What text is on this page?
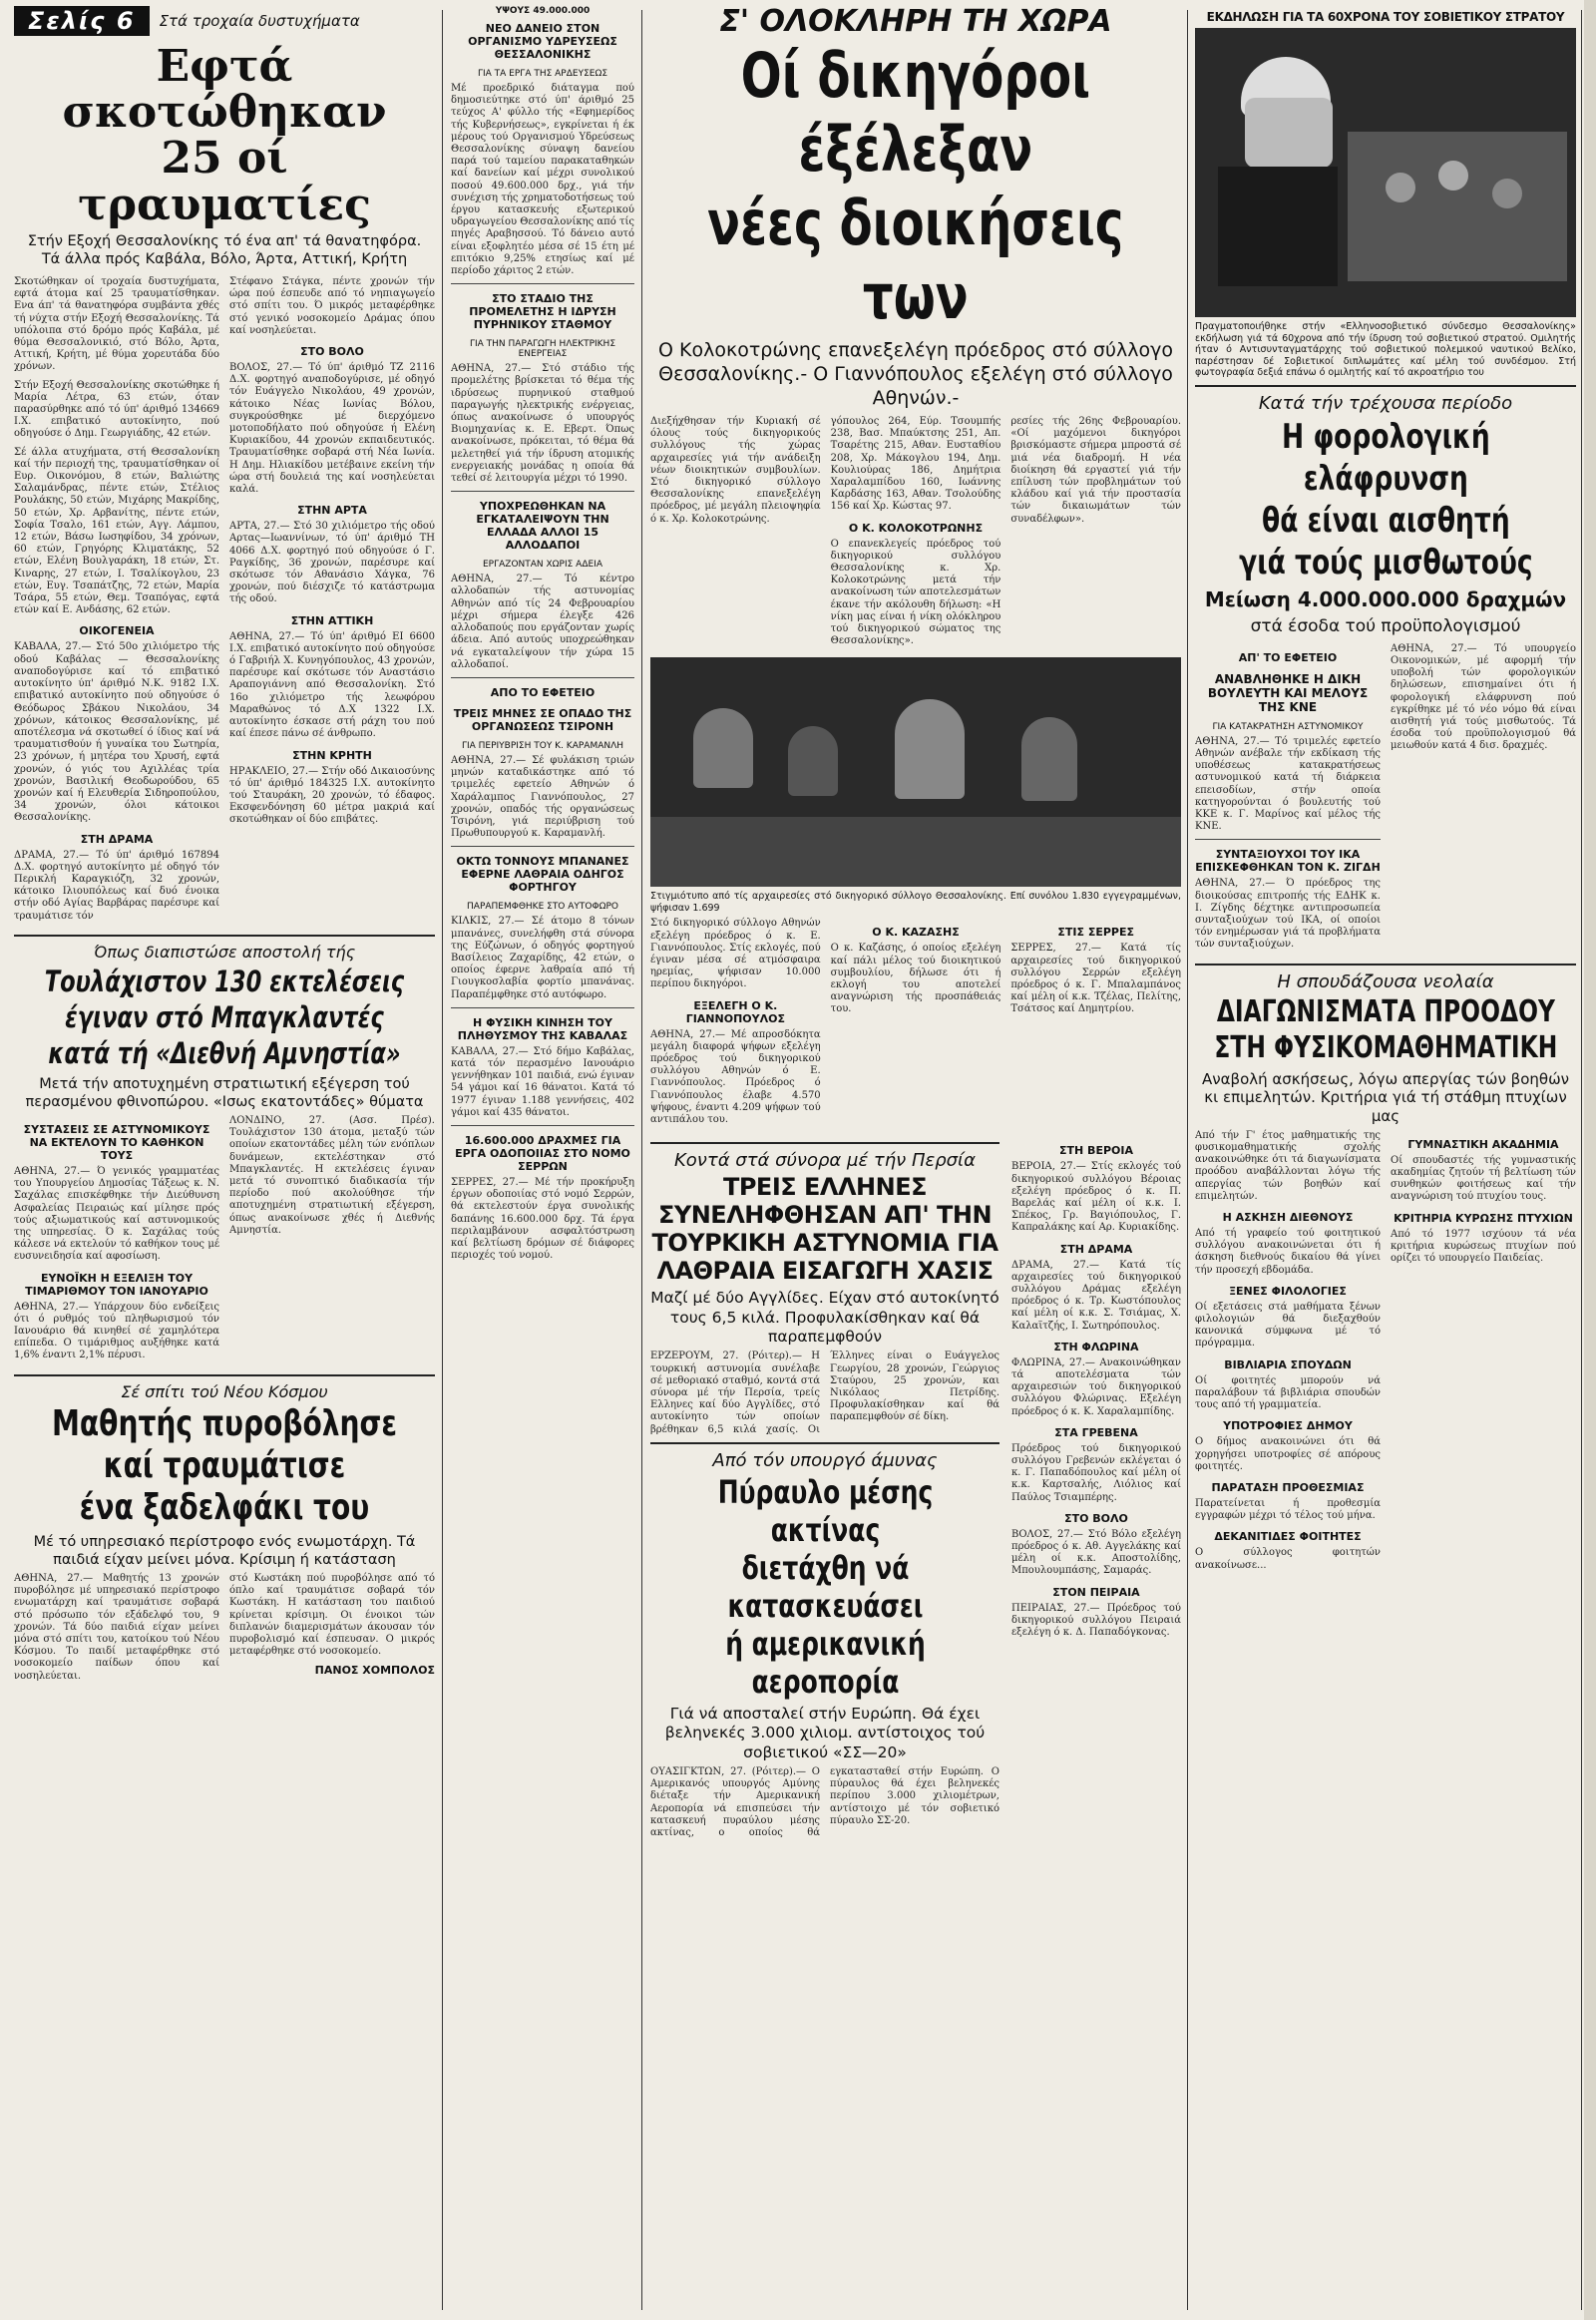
Σελίς 6	Στά τροχαία δυστυχήματα
Εφτά σκοτώθηκαν
25 οί τραυματίες
Στήν Εξοχή Θεσσαλονίκης τό ένα απ' τά θανατηφόρα. Τά άλλα πρός Καβάλα, Βόλο, Άρτα, Αττική, Κρήτη

Σκοτώθηκαν οί τροχαία δυστυχήματα, εφτά άτομα καί 25 τραυματίσθηκαν. Ενα άπ' τά θανατηφόρα συμβάντα χθές τή νύχτα στήν Εξοχή Θεσσαλονίκης. Τά υπόλοιπα στό δρόμο πρός Καβάλα, μέ θύμα Θεσσαλονικιό, στό Βόλο, Άρτα, Αττική, Κρήτη, μέ θύμα χορευτάδα δύο χρόνων.

Στήν Εξοχή Θεσσαλονίκης σκοτώθηκε ή Μαρία Λέτρα, 63 ετών, όταν παρασύρθηκε από τό ύπ' άριθμό 134669 Ι.Χ. επιβατικό αυτοκίνητο, πού οδηγούσε ό Δημ. Γεωργιάδης, 42 ετών.

Σέ άλλα ατυχήματα, στή Θεσσαλονίκη καί τήν περιοχή της, τραυματίσθηκαν οί Ευρ. Οικονόμου, 8 ετών, Βαλιώτης Σαλαμάνδρας, πέντε ετών, Στέλιος Ρουλάκης, 50 ετών, Μιχάρης Μακρίδης, 50 ετών, Χρ. Αρβανίτης, πέντε ετών, Σοφία Τσαλο, 161 ετών, Αγγ. Λάμπου, 12 ετών, Βάσω Ιωσηφίδου, 34 χρόνων, 60 ετών, Γρηγόρης Κλιματάκης, 52 ετών, Ελένη Βουλγαράκη, 18 ετών, Στ. Κιναρης, 27 ετών, Ι. Τσαλίκογλου, 23 ετών, Ευγ. Τσαπάτζης, 72 ετών, Μαρία Τσάρα, 55 ετών, Θεμ. Τσαπόγας, εφτά ετών καί Ε. Ανδάσης, 62 ετών.

ΟΙΚΟΓΕΝΕΙΑ

ΚΑΒΑΛΑ, 27.— Στό 50ο χιλιόμετρο τής οδού Καβάλας — Θεσσαλονίκης αναποδογύρισε καί τό επιβατικό αυτοκίνητο ύπ' άριθμό Ν.Κ. 9182 Ι.Χ. επιβατικό αυτοκίνητο πού οδηγούσε ό Θεόδωρος Σβάκου Νικολάου, 34 χρόνων, κάτοικος Θεσσαλονίκης, μέ αποτέλεσμα νά σκοτωθεί ό ίδιος καί νά τραυματισθούν ή γυναίκα του Σωτηρία, 23 χρόνων, ή μητέρα του Χρυσή, εφτά χρονών, ό γιός του Αχιλλέας τρία χρονών, Βασιλική Θεοδωρούδου, 65 χρονών καί ή Ελευθερία Σιδηροπούλου, 34 χρονών, όλοι κάτοικοι Θεσσαλονίκης.

ΣΤΗ ΔΡΑΜΑ

ΔΡΑΜΑ, 27.— Τό ύπ' άριθμό 167894 Δ.Χ. φορτηγό αυτοκίνητο μέ οδηγό τόν Περικλή Καραγκιόζη, 32 χρονών, κάτοικο Ιλιουπόλεως καί δυό ένοικα στήν οδό Αγίας Βαρβάρας παρέσυρε καί τραυμάτισε τόν

Στέφανο Στάγκα, πέντε χρονών τήν ώρα πού έσπευδε από τό νηπιαγωγείο στό σπίτι του. Ό μικρός μεταφέρθηκε στό γενικό νοσοκομείο Δράμας όπου καί νοσηλεύεται.

ΣΤΟ ΒΟΛΟ

ΒΟΛΟΣ, 27.— Τό ύπ' άριθμό ΤΖ 2116 Δ.Χ. φορτηγό αναποδογύρισε, μέ οδηγό τόν Ευάγγελο Νικολάου, 49 χρονών, κάτοικο Νέας Ιωνίας Βόλου, συγκρούσθηκε μέ διερχόμενο μοτοποδήλατο πού οδηγούσε ή Ελένη Κυριακίδου, 44 χρονών εκπαιδευτικός. Τραυματίσθηκε σοβαρά στή Νέα Ιωνία. Η Δημ. Ηλιακίδου μετέβαινε εκείνη τήν ώρα στή δουλειά της καί νοσηλεύεται καλά.

ΣΤΗΝ ΑΡΤΑ

ΑΡΤΑ, 27.— Στό 30 χιλιόμετρο τής οδού Αρτας—Ιωαννίνων, τό ύπ' άριθμό ΤΗ 4066 Δ.Χ. φορτηγό πού οδηγούσε ό Γ. Ραγκίδης, 36 χρονών, παρέσυρε καί σκότωσε τόν Αθανάσιο Χάγκα, 76 χρονών, πού διέσχιζε τό κατάστρωμα τής οδού.

ΣΤΗΝ ΑΤΤΙΚΗ

ΑΘΗΝΑ, 27.— Τό ύπ' άριθμό ΕΙ 6600 Ι.Χ. επιβατικό αυτοκίνητο πού οδηγούσε ό Γαβριήλ Χ. Κυνηγόπουλος, 43 χρονών, παρέσυρε καί σκότωσε τόν Αναστάσιο Αραπογιάννη από Θεσσαλονίκη. Στό 16ο χιλιόμετρο τής λεωφόρου Μαραθώνος τό Δ.Χ 1322 Ι.Χ. αυτοκίνητο έσκασε στή ράχη του πού καί έπεσε πάνω σέ άνθρωπο.

ΣΤΗΝ ΚΡΗΤΗ

ΗΡΑΚΛΕΙΟ, 27.— Στήν οδό Δικαιοσύνης τό ύπ' άριθμό 184325 Ι.Χ. αυτοκίνητο τού Σταυράκη, 20 χρονών, τό έδαφος. Εκσφενδόνηση 60 μέτρα μακριά καί σκοτώθηκαν οί δύο επιβάτες.

Όπως διαπιστώσε αποστολή τής
Τουλάχιστον 130 εκτελέσεις
έγιναν στό Μπαγκλαντές
κατά τή «Διεθνή Αμνηστία»
Μετά τήν αποτυχημένη στρατιωτική εξέγερση τού περασμένου φθινοπώρου. «Ισως εκατοντάδες» θύματα
ΣΥΣΤΑΣΕΙΣ ΣΕ ΑΣΤΥΝΟΜΙΚΟΥΣ ΝΑ ΕΚΤΕΛΟΥΝ ΤΟ ΚΑΘΗΚΟΝ ΤΟΥΣ

ΑΘΗΝΑ, 27.— Ό γενικός γραμματέας του Υπουργείου Δημοσίας Τάξεως κ. Ν. Σαχάλας επισκέφθηκε τήν Διεύθυνση Ασφαλείας Πειραιώς καί μίλησε πρός τούς αξιωματικούς καί αστυνομικούς της υπηρεσίας. Ό κ. Σαχάλας τούς κάλεσε νά εκτελούν τό καθήκον τους μέ ευσυνειδησία καί αφοσίωση.

ΕΥΝΟΪΚΗ Η ΕΞΕΛΙΞΗ ΤΟΥ ΤΙΜΑΡΙΘΜΟΥ ΤΟΝ ΙΑΝΟΥΑΡΙΟ

ΑΘΗΝΑ, 27.— Υπάρχουν δύο ενδείξεις ότι ό ρυθμός τού πληθωρισμού τόν Ιανουάριο θά κινηθεί σέ χαμηλότερα επίπεδα. Ο τιμάριθμος αυξήθηκε κατά 1,6% έναντι 2,1% πέρυσι.

ΛΟΝΔΙΝΟ, 27. (Ασσ. Πρέσ). Τουλάχιστον 130 άτομα, μεταξύ τών οποίων εκατοντάδες μέλη τών ενόπλων δυνάμεων, εκτελέστηκαν στό Μπαγκλαντές. Η εκτελέσεις έγιναν μετά τό συνοπτικό διαδικασία τήν περίοδο πού ακολούθησε τήν αποτυχημένη στρατιωτική εξέγερση, όπως ανακοίνωσε χθές ή Διεθνής Αμνηστία.

Σέ σπίτι τού Νέου Κόσμου
Μαθητής πυροβόλησε
καί τραυμάτισε
ένα ξαδελφάκι του
Μέ τό υπηρεσιακό περίστροφο ενός ενωμοτάρχη. Τά παιδιά είχαν μείνει μόνα. Κρίσιμη ή κατάσταση

ΑΘΗΝΑ, 27.— Μαθητής 13 χρονών πυροβόλησε μέ υπηρεσιακό περίστροφο ενωματάρχη καί τραυμάτισε σοβαρά στό πρόσωπο τόν εξάδελφό του, 9 χρονών. Τά δύο παιδιά είχαν μείνει μόνα στό σπίτι του, κατοίκου τού Νέου Κόσμου. Το παιδί μεταφέρθηκε στό νοσοκομείο παίδων όπου καί νοσηλεύεται.

στό Κωστάκη πού πυροβόλησε από τό όπλο καί τραυμάτισε σοβαρά τόν Κωστάκη. Η κατάσταση του παιδιού κρίνεται κρίσιμη. Οι ένοικοι τών διπλανών διαμερισμάτων άκουσαν τόν πυροβολισμό καί έσπευσαν. Ο μικρός μεταφέρθηκε στό νοσοκομείο.

ΠΑΝΟΣ ΧΟΜΠΟΛΟΣ
ΥΨΟΥΣ 49.000.000
ΝΕΟ ΔΑΝΕΙΟ ΣΤΟΝ ΟΡΓΑΝΙΣΜΟ ΥΔΡΕΥΣΕΩΣ ΘΕΣΣΑΛΟΝΙΚΗΣ
ΓΙΑ ΤΑ ΕΡΓΑ ΤΗΣ ΑΡΔΕΥΣΕΩΣ

Μέ προεδρικό διάταγμα πού δημοσιεύτηκε στό ύπ' άριθμό 25 τεύχος Α' φύλλο τής «Εφημερίδος τής Κυβερνήσεως», εγκρίνεται ή έκ μέρους τού Οργανισμού Υδρεύσεως Θεσσαλονίκης σύναψη δανείου παρά τού ταμείου παρακαταθηκών καί δανείων καί μέχρι συνολικού ποσού 49.600.000 δρχ., γιά τήν συνέχιση τής χρηματοδοτήσεως τού έργου κατασκευής εξωτερικού υδραγωγείου Θεσσαλονίκης από τίς πηγές Αραβησσού. Τό δάνειο αυτό είναι εξοφλητέο μέσα σέ 15 έτη μέ επιτόκιο 9,25% ετησίως καί μέ περίοδο χάριτος 2 ετών.

ΣΤΟ ΣΤΑΔΙΟ ΤΗΣ ΠΡΟΜΕΛΕΤΗΣ Η ΙΔΡΥΣΗ ΠΥΡΗΝΙΚΟΥ ΣΤΑΘΜΟΥ
ΓΙΑ ΤΗΝ ΠΑΡΑΓΩΓΗ ΗΛΕΚΤΡΙΚΗΣ ΕΝΕΡΓΕΙΑΣ

ΑΘΗΝΑ, 27.— Στό στάδιο τής προμελέτης βρίσκεται τό θέμα τής ιδρύσεως πυρηνικού σταθμού παραγωγής ηλεκτρικής ενέργειας, όπως ανακοίνωσε ό υπουργός Βιομηχανίας κ. Ε. Εβερτ. Όπως ανακοίνωσε, πρόκειται, τό θέμα θά μελετηθεί γιά τήν ίδρυση ατομικής ενεργειακής μονάδας η οποία θά τεθεί σέ λειτουργία μέχρι τό 1990.

ΥΠΟΧΡΕΩΘΗΚΑΝ ΝΑ ΕΓΚΑΤΑΛΕΙΨΟΥΝ ΤΗΝ ΕΛΛΑΔΑ ΑΛΛΟΙ 15 ΑΛΛΟΔΑΠΟΙ
ΕΡΓΑΖΟΝΤΑΝ ΧΩΡΙΣ ΑΔΕΙΑ

ΑΘΗΝΑ, 27.— Τό κέντρο αλλοδαπών τής αστυνομίας Αθηνών από τίς 24 Φεβρουαρίου μέχρι σήμερα έλεγξε 426 αλλοδαπούς που εργάζονταν χωρίς άδεια. Από αυτούς υποχρεώθηκαν νά εγκαταλείψουν τήν χώρα 15 αλλοδαποί.

ΑΠΟ ΤΟ ΕΦΕΤΕΙΟ
ΤΡΕΙΣ ΜΗΝΕΣ ΣΕ ΟΠΑΔΟ ΤΗΣ ΟΡΓΑΝΩΣΕΩΣ ΤΣΙΡΟΝΗ
ΓΙΑ ΠΕΡΙΥΒΡΙΣΗ ΤΟΥ Κ. ΚΑΡΑΜΑΝΛΗ

ΑΘΗΝΑ, 27.— Σέ φυλάκιση τριών μηνών καταδικάστηκε από τό τριμελές εφετείο Αθηνών ό Χαράλαμπος Γιαννόπουλος, 27 χρονών, οπαδός τής οργανώσεως Τσιρόνη, γιά περιύβριση τού Πρωθυπουργού κ. Καραμανλή.

ΟΚΤΩ ΤΟΝΝΟΥΣ ΜΠΑΝΑΝΕΣ ΕΦΕΡΝΕ ΛΑΘΡΑΙΑ ΟΔΗΓΟΣ ΦΟΡΤΗΓΟΥ
ΠΑΡΑΠΕΜΦΘΗΚΕ ΣΤΟ ΑΥΤΟΦΩΡΟ

ΚΙΛΚΙΣ, 27.— Σέ άτομο 8 τόνων μπανάνες, συνελήφθη στά σύνορα της Εύζώνων, ό οδηγός φορτηγού Βασίλειος Ζαχαρίδης, 42 ετών, ο οποίος έφερνε λαθραία από τή Γιουγκοσλαβία φορτίο μπανάνας. Παραπέμφθηκε στό αυτόφωρο.

Η ΦΥΣΙΚΗ ΚΙΝΗΣΗ ΤΟΥ ΠΛΗΘΥΣΜΟΥ ΤΗΣ ΚΑΒΑΛΑΣ

ΚΑΒΑΛΑ, 27.— Στό δήμο Καβάλας, κατά τόν περασμένο Ιανουάριο γεννήθηκαν 101 παιδιά, ενώ έγιναν 54 γάμοι καί 16 θάνατοι. Κατά τό 1977 έγιναν 1.188 γεννήσεις, 402 γάμοι καί 435 θάνατοι.

16.600.000 ΔΡΑΧΜΕΣ ΓΙΑ ΕΡΓΑ ΟΔΟΠΟΙΙΑΣ ΣΤΟ ΝΟΜΟ ΣΕΡΡΩΝ

ΣΕΡΡΕΣ, 27.— Μέ τήν προκήρυξη έργων οδοποιίας στό νομό Σερρών, θά εκτελεστούν έργα συνολικής δαπάνης 16.600.000 δρχ. Τά έργα περιλαμβάνουν ασφαλτόστρωση καί βελτίωση δρόμων σέ διάφορες περιοχές τού νομού.

Σ' ΟΛΟΚΛΗΡΗ ΤΗ ΧΩΡΑ
Οί δικηγόροι έξέλεξαν
νέες διοικήσεις των
Ο Κολοκοτρώνης επανεξελέγη πρόεδρος στό σύλλογο Θεσσαλονίκης.- Ο Γιαννόπουλος εξελέγη στό σύλλογο Αθηνών.-

Διεξήχθησαν τήν Κυριακή σέ όλους τούς δικηγορικούς συλλόγους τής χώρας αρχαιρεσίες γιά τήν ανάδειξη νέων διοικητικών συμβουλίων. Στό δικηγορικό σύλλογο Θεσσαλονίκης επανεξελέγη πρόεδρος, μέ μεγάλη πλειοψηφία ό κ. Χρ. Κολοκοτρώνης.

γόπουλος 264, Εύρ. Τσουμπής 238, Βασ. Μπαύκτσης 251, Απ. Τσαρέτης 215, Αθαν. Ευσταθίου 208, Χρ. Μάκογλου 194, Δημ. Κουλιούρας 186, Δημήτρια Χαραλαμπίδου 160, Ιωάννης Καρδάσης 163, Αθαν. Τσολούδης 156 καί Χρ. Κώστας 97.

Ο Κ. ΚΟΛΟΚΟΤΡΩΝΗΣ

Ο επανεκλεγείς πρόεδρος τού δικηγορικού συλλόγου Θεσσαλονίκης κ. Χρ. Κολοκοτρώνης μετά τήν ανακοίνωση τών αποτελεσμάτων έκανε τήν ακόλουθη δήλωση: «Η νίκη μας είναι ή νίκη ολόκληρου τού δικηγορικού σώματος της Θεσσαλονίκης».

ρεσίες τής 26ης Φεβρουαρίου. «Οί μαχόμενοι δικηγόροι βρισκόμαστε σήμερα μπροστά σέ μιά νέα διαδρομή. Η νέα διοίκηση θά εργαστεί γιά τήν επίλυση τών προβλημάτων τού κλάδου καί γιά τήν προστασία τών δικαιωμάτων τών συναδέλφων».

Στιγμιότυπο από τίς αρχαιρεσίες στό δικηγορικό σύλλογο Θεσσαλονίκης. Επί συνόλου 1.830 εγγεγραμμένων, ψήφισαν 1.699

Στό δικηγορικό σύλλογο Αθηνών εξελέγη πρόεδρος ό κ. Ε. Γιαννόπουλος. Στίς εκλογές, πού έγιναν μέσα σέ ατμόσφαιρα ηρεμίας, ψήφισαν 10.000 περίπου δικηγόροι.

ΕΞΕΛΕΓΗ Ο Κ. ΓΙΑΝΝΟΠΟΥΛΟΣ

ΑΘΗΝΑ, 27.— Μέ απροσδόκητα μεγάλη διαφορά ψήφων εξελέγη πρόεδρος τού δικηγορικού συλλόγου Αθηνών ό Ε. Γιαννόπουλος. Πρόεδρος ό Γιαννόπουλος έλαβε 4.570 ψήφους, έναντι 4.209 ψήφων τού αντιπάλου του.

Ο Κ. ΚΑΖΑΣΗΣ

Ο κ. Καζάσης, ό οποίος εξελέγη καί πάλι μέλος τού διοικητικού συμβουλίου, δήλωσε ότι ή εκλογή του αποτελεί αναγνώριση τής προσπάθειάς του.

ΣΤΙΣ ΣΕΡΡΕΣ

ΣΕΡΡΕΣ, 27.— Κατά τίς αρχαιρεσίες τού δικηγορικού συλλόγου Σερρών εξελέγη πρόεδρος ό κ. Γ. Μπαλαμπάνος καί μέλη οί κ.κ. Τζέλας, Πελίτης, Τσάτσος καί Δημητρίου.

Κοντά στά σύνορα μέ τήν Περσία
ΤΡΕΙΣ ΕΛΛΗΝΕΣ ΣΥΝΕΛΗΦΘΗΣΑΝ ΑΠ' ΤΗΝ ΤΟΥΡΚΙΚΗ ΑΣΤΥΝΟΜΙΑ ΓΙΑ ΛΑΘΡΑΙΑ ΕΙΣΑΓΩΓΗ ΧΑΣΙΣ
Μαζί μέ δύο Αγγλίδες. Είχαν στό αυτοκίνητό τους 6,5 κιλά. Προφυλακίσθηκαν καί θά παραπεμφθούν

ΕΡΖΕΡΟΥΜ, 27. (Ρόιτερ).— Η τουρκική αστυνομία συνέλαβε σέ μεθοριακό σταθμό, κοντά στά σύνορα μέ τήν Περσία, τρείς Ελληνες καί δύο Αγγλίδες, στό αυτοκίνητο τών οποίων βρέθηκαν 6,5 κιλά χασίς. Οι Έλληνες είναι ο Ευάγγελος Γεωργίου, 28 χρονών, Γεώργιος Σταύρου, 25 χρονών, και Νικόλαος Πετρίδης. Προφυλακίσθηκαν καί θά παραπεμφθούν σέ δίκη.

Από τόν υπουργό άμυνας
Πύραυλο μέσης ακτίνας
διετάχθη νά κατασκευάσει
ή αμερικανική αεροπορία
Γιά νά αποσταλεί στήν Ευρώπη. Θά έχει βεληνεκές 3.000 χιλιομ. αντίστοιχος τού σοβιετικού «ΣΣ—20»

ΟΥΑΣΙΓΚΤΩΝ, 27. (Ρόιτερ).— Ο Αμερικανός υπουργός Αμύνης διέταξε τήν Αμερικανική Αεροπορία νά επισπεύσει τήν κατασκευή πυραύλου μέσης ακτίνας, ο οποίος θά εγκατασταθεί στήν Ευρώπη. Ο πύραυλος θά έχει βεληνεκές περίπου 3.000 χιλιομέτρων, αντίστοιχο μέ τόν σοβιετικό πύραυλο ΣΣ-20.

ΣΤΗ ΒΕΡΟΙΑ

ΒΕΡΟΙΑ, 27.— Στίς εκλογές τού δικηγορικού συλλόγου Βέροιας εξελέγη πρόεδρος ό κ. Π. Βαρελάς καί μέλη οί κ.κ. Ι. Σπέκος, Γρ. Βαγιόπουλος, Γ. Καπραλάκης καί Αρ. Κυριακίδης.

ΣΤΗ ΔΡΑΜΑ

ΔΡΑΜΑ, 27.— Κατά τίς αρχαιρεσίες τού δικηγορικού συλλόγου Δράμας εξελέγη πρόεδρος ό κ. Τρ. Κωστόπουλος καί μέλη οί κ.κ. Σ. Τσιάμας, Χ. Καλαϊτζής, Ι. Σωτηρόπουλος.

ΣΤΗ ΦΛΩΡΙΝΑ

ΦΛΩΡΙΝΑ, 27.— Ανακοινώθηκαν τά αποτελέσματα τών αρχαιρεσιών τού δικηγορικού συλλόγου Φλώρινας. Εξελέγη πρόεδρος ό κ. Κ. Χαραλαμπίδης.

ΣΤΑ ΓΡΕΒΕΝΑ

Πρόεδρος τού δικηγορικού συλλόγου Γρεβενών εκλέγεται ό κ. Γ. Παπαδόπουλος καί μέλη οί κ.κ. Καρτσαλής, Λιόλιος καί Παύλος Τσιαμπέρης.

ΣΤΟ ΒΟΛΟ

ΒΟΛΟΣ, 27.— Στό Βόλο εξελέγη πρόεδρος ό κ. Αθ. Αγγελάκης καί μέλη οί κ.κ. Αποστολίδης, Μπουλουμπάσης, Σαμαράς.

ΣΤΟΝ ΠΕΙΡΑΙΑ

ΠΕΙΡΑΙΑΣ, 27.— Πρόεδρος τού δικηγορικού συλλόγου Πειραιά εξελέγη ό κ. Δ. Παπαδόγκονας.

ΕΚΔΗΛΩΣΗ ΓΙΑ ΤΑ 60ΧΡΟΝΑ ΤΟΥ ΣΟΒΙΕΤΙΚΟΥ ΣΤΡΑΤΟΥ
Πραγματοποιήθηκε στήν «Ελληνοσοβιετικό σύνδεσμο Θεσσαλονίκης» εκδήλωση γιά τά 60χρονα από τήν ίδρυση τού σοβιετικού στρατού. Ομιλητής ήταν ό Αντισυνταγματάρχης τού σοβιετικού πολεμικού ναυτικού Βελίκο, παρέστησαν δέ Σοβιετικοί διπλωμάτες καί μέλη τού συνδέσμου. Στή φωτογραφία δεξιά επάνω ό ομιλητής καί τό ακροατήριο του
Κατά τήν τρέχουσα περίοδο
Η φορολογική ελάφρυνση
θά είναι αισθητή
γιά τούς μισθωτούς
Μείωση 4.000.000.000 δραχμών
στά έσοδα τού προϋπολογισμού
ΑΠ' ΤΟ ΕΦΕΤΕΙΟ
ΑΝΑΒΛΗΘΗΚΕ Η ΔΙΚΗ ΒΟΥΛΕΥΤΗ ΚΑΙ ΜΕΛΟΥΣ ΤΗΣ ΚΝΕ
ΓΙΑ ΚΑΤΑΚΡΑΤΗΣΗ ΑΣΤΥΝΟΜΙΚΟΥ

ΑΘΗΝΑ, 27.— Τό τριμελές εφετείο Αθηνών ανέβαλε τήν εκδίκαση τής υποθέσεως κατακρατήσεως αστυνομικού κατά τή διάρκεια επεισοδίων, στήν οποία κατηγορούνται ό βουλευτής τού ΚΚΕ κ. Γ. Μαρίνος καί μέλος τής ΚΝΕ.

ΣΥΝΤΑΞΙΟΥΧΟΙ ΤΟΥ ΙΚΑ ΕΠΙΣΚΕΦΘΗΚΑΝ ΤΟΝ Κ. ΖΙΓΔΗ

ΑΘΗΝΑ, 27.— Ό πρόεδρος της διοικούσας επιτροπής τής ΕΔΗΚ κ. Ι. Ζίγδης δέχτηκε αντιπροσωπεία συνταξιούχων τού ΙΚΑ, οί οποίοι τόν ενημέρωσαν γιά τά προβλήματα τών συνταξιούχων.

ΑΘΗΝΑ, 27.— Τό υπουργείο Οικονομικών, μέ αφορμή τήν υποβολή τών φορολογικών δηλώσεων, επισημαίνει ότι ή φορολογική ελάφρυνση πού εγκρίθηκε μέ τό νέο νόμο θά είναι αισθητή γιά τούς μισθωτούς. Τά έσοδα τού προϋπολογισμού θά μειωθούν κατά 4 δισ. δραχμές.

Η σπουδάζουσα νεολαία
ΔΙΑΓΩΝΙΣΜΑΤΑ ΠΡΟΟΔΟΥ
ΣΤΗ ΦΥΣΙΚΟΜΑΘΗΜΑΤΙΚΗ
Αναβολή ασκήσεως, λόγω απεργίας τών βοηθών κι επιμελητών. Κριτήρια γιά τή στάθμη πτυχίων μας

Από τήν Γ' έτος μαθηματικής της φυσικομαθηματικής σχολής ανακοινώθηκε ότι τά διαγωνίσματα προόδου αναβάλλονται λόγω τής απεργίας τών βοηθών καί επιμελητών.

Η ΑΣΚΗΣΗ ΔΙΕΘΝΟΥΣ

Από τή γραφείο τού φοιτητικού συλλόγου ανακοινώνεται ότι ή άσκηση διεθνούς δικαίου θά γίνει τήν προσεχή εβδομάδα.

ΞΕΝΕΣ ΦΙΛΟΛΟΓΙΕΣ

Οί εξετάσεις στά μαθήματα ξένων φιλολογιών θά διεξαχθούν κανονικά σύμφωνα μέ τό πρόγραμμα.

ΒΙΒΛΙΑΡΙΑ ΣΠΟΥΔΩΝ

Οί φοιτητές μπορούν νά παραλάβουν τά βιβλιάρια σπουδών τους από τή γραμματεία.

ΥΠΟΤΡΟΦΙΕΣ ΔΗΜΟΥ

Ο δήμος ανακοινώνει ότι θά χορηγήσει υποτροφίες σέ απόρους φοιτητές.

ΠΑΡΑΤΑΣΗ ΠΡΟΘΕΣΜΙΑΣ

Παρατείνεται ή προθεσμία εγγραφών μέχρι τό τέλος τού μήνα.

ΔΕΚΑΝΙΤΙΔΕΣ ΦΟΙΤΗΤΕΣ

Ο σύλλογος φοιτητών ανακοίνωσε...

ΓΥΜΝΑΣΤΙΚΗ ΑΚΑΔΗΜΙΑ

Οί σπουδαστές τής γυμναστικής ακαδημίας ζητούν τή βελτίωση τών συνθηκών φοιτήσεως καί τήν αναγνώριση τού πτυχίου τους.

ΚΡΙΤΗΡΙΑ ΚΥΡΩΣΗΣ ΠΤΥΧΙΩΝ

Από τό 1977 ισχύουν τά νέα κριτήρια κυρώσεως πτυχίων πού ορίζει τό υπουργείο Παιδείας.
